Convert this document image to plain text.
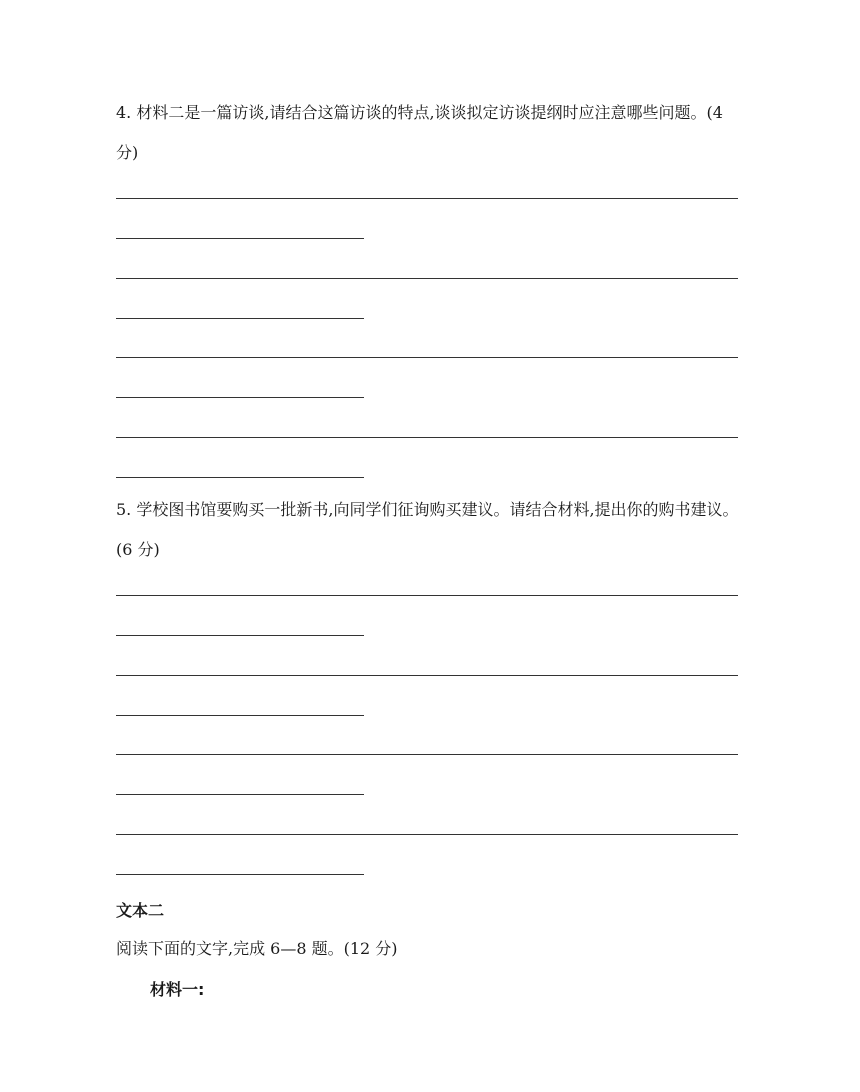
4. 材料二是一篇访谈,请结合这篇访谈的特点,谈谈拟定访谈提纲时应注意哪些问题。(4 分)

5. 学校图书馆要购买一批新书,向同学们征询购买建议。请结合材料,提出你的购书建议。(6 分)

文本二

阅读下面的文字,完成 6—8 题。(12 分)

材料一:
